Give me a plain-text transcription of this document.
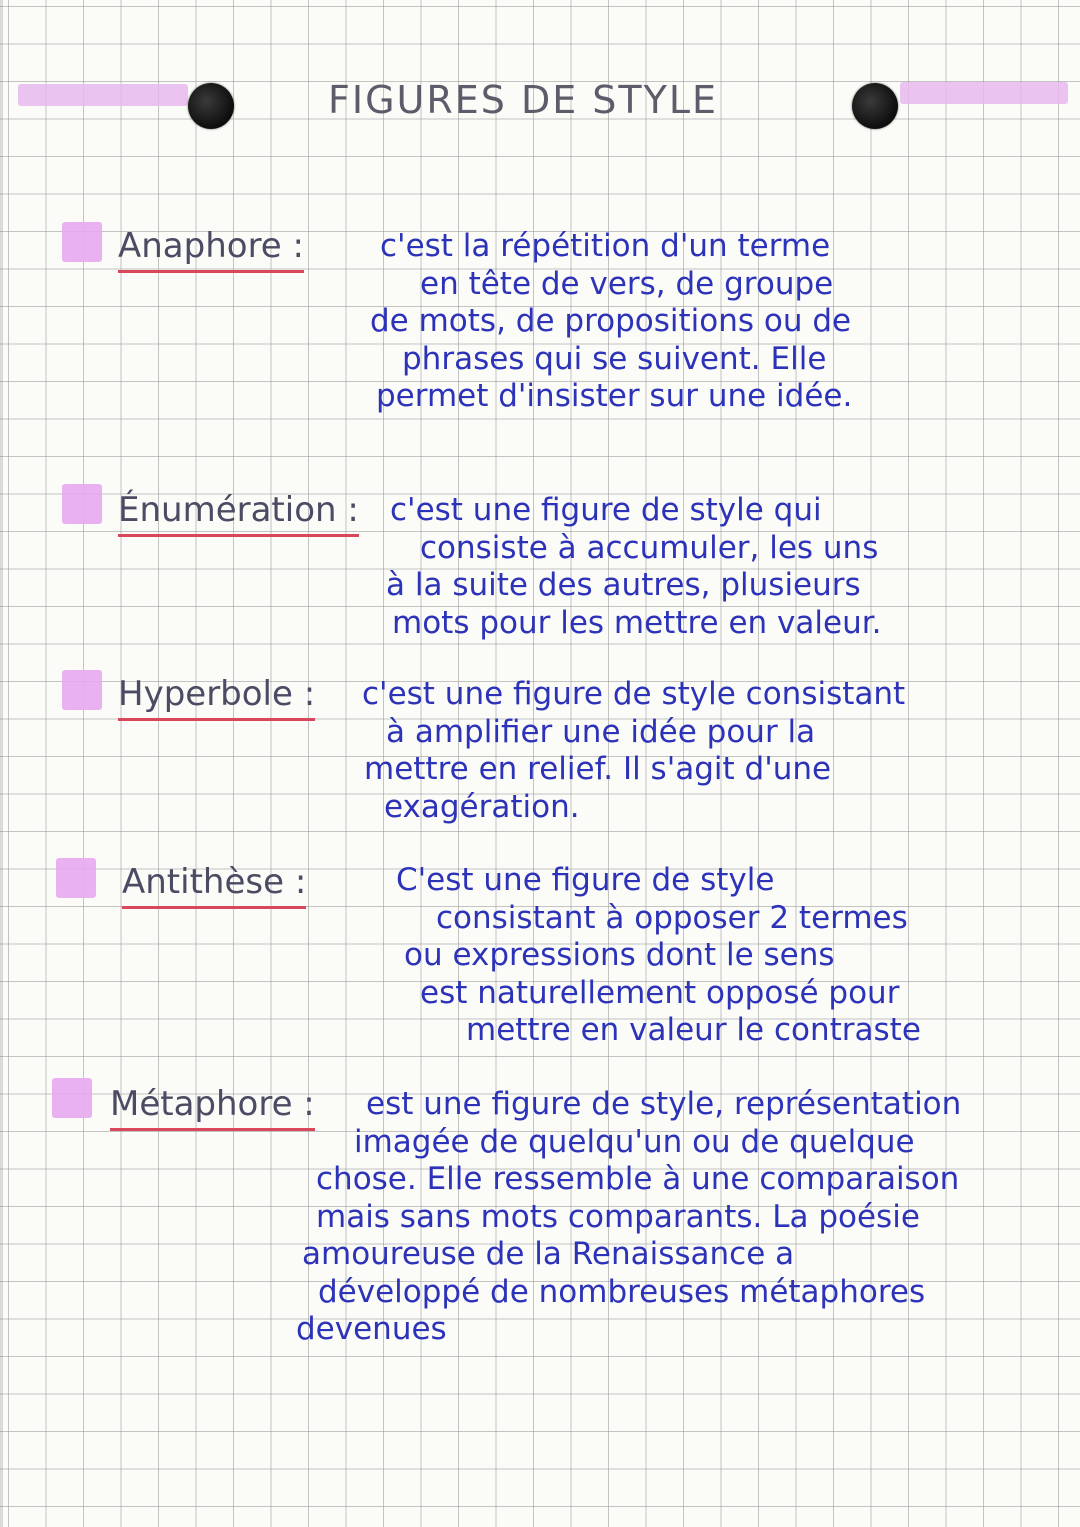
FIGURES DE STYLE
Anaphore :	c'est la répétition d'un terme
en tête de vers, de groupe
de mots, de propositions ou de
phrases qui se suivent. Elle
permet d'insister sur une idée.
Énumération :	c'est une figure de style qui
consiste à accumuler, les uns
à la suite des autres, plusieurs
mots pour les mettre en valeur.
Hyperbole : c'est une figure de style consistant
à amplifier une idée pour la
mettre en relief. Il s'agit d'une
exagération.
Antithèse :	C'est une figure de style
consistant à opposer 2 termes
ou expressions dont le sens
est naturellement opposé pour
mettre en valeur le contraste
Métaphore :	est une figure de style, représentation
imagée de quelqu'un ou de quelque
chose. Elle ressemble à une comparaison
mais sans mots comparants. La poésie
amoureuse de la Renaissance a
développé de nombreuses métaphores
devenues
